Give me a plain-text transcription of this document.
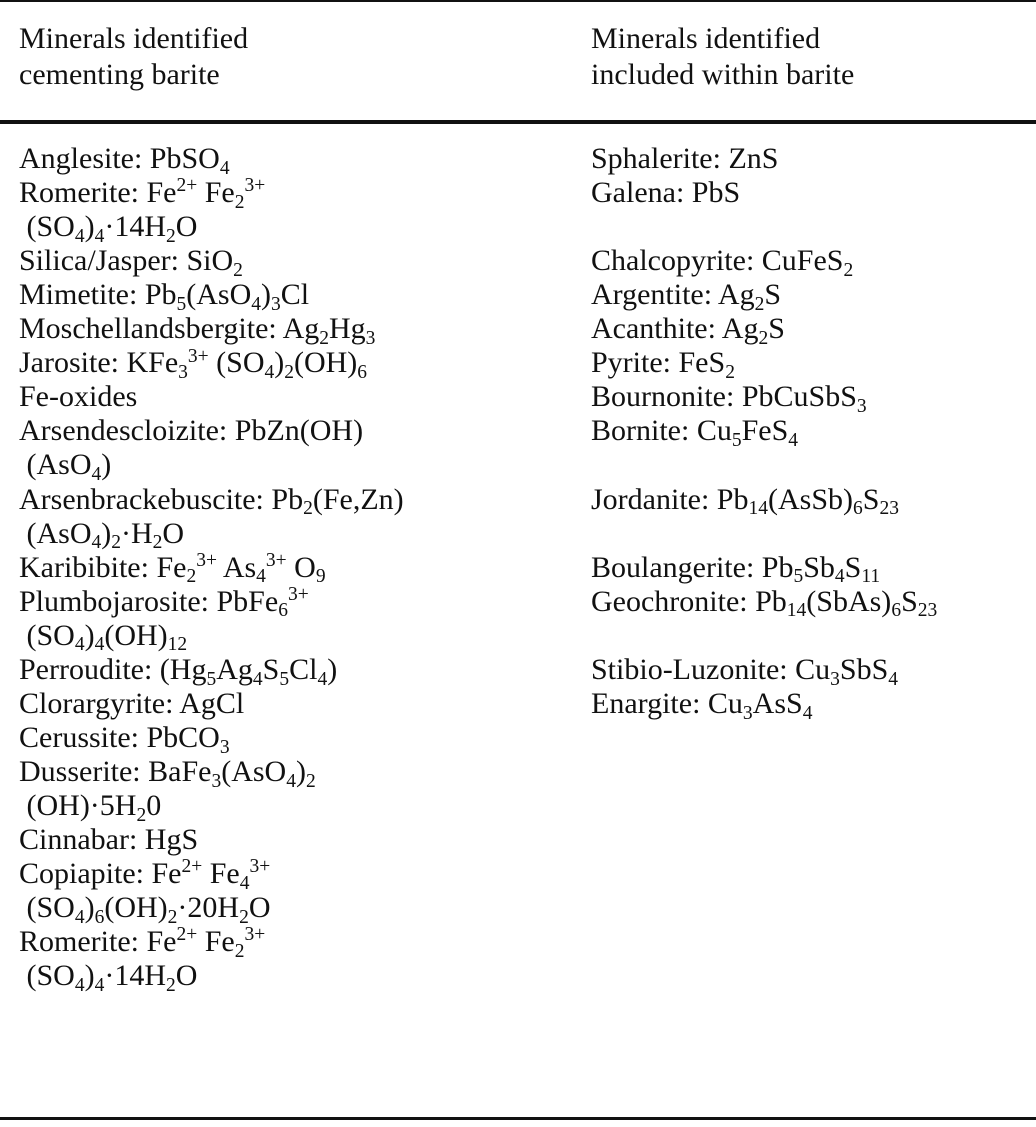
Minerals identified
cementing barite
Minerals identified
included within barite
Anglesite: PbSO$_4$
Romerite: $Fe^{2+}$ $Fe_2^{3+}$
$(SO_4)_4\cdot 14H_2O$
Silica/Jasper: SiO$_2$
Mimetite: $Pb_5(AsO_4)_3Cl$
Moschellandsbergite: $Ag_2Hg_3$
Jarosite: KFe$_3^{3+}$ $(SO_4)_2(OH)_6$
Fe-oxides
Arsendescloizite: PbZn(OH)
(AsO$_4$)
Arsenbrackebuscite: $Pb_2(Fe,Zn)$
$(AsO_4)_2\cdot H_2O$
Karibibite: $Fe_2^{3+}$ $As_4^{3+}$ $O_9$
Plumbojarosite: PbFe$_6^{3+}$
$(SO_4)_4(OH)_{12}$
Perroudite: $(Hg_5Ag_4S_5Cl_4)$
Clorargyrite: AgCl
Cerussite: PbCO$_3$
Dusserite: $BaFe_3(AsO_4)_2$
$(OH)\cdot 5H_20$
Cinnabar: HgS
Copiapite: $Fe^{2+}$ $Fe_4^{3+}$
$(SO_4)_6(OH)_2\cdot 20H_2O$
Romerite: $Fe^{2+}$ $Fe_2^{3+}$
$(SO_4)_4\cdot 14H_2O$
Sphalerite: ZnS
Galena: PbS
Chalcopyrite: CuFeS$_2$
Argentite: $Ag_2S$
Acanthite: $Ag_2S$
Pyrite: FeS$_2$
Bournonite: PbCuSbS$_3$
Bornite: $Cu_5FeS_4$
Jordanite: $Pb_{14}(AsSb)_6S_{23}$
Boulangerite: $Pb_5Sb_4S_{11}$
Geochronite: $Pb_{14}(SbAs)_6S_{23}$
Stibio-Luzonite: $Cu_3SbS_4$
Enargite: $Cu_3AsS_4$
